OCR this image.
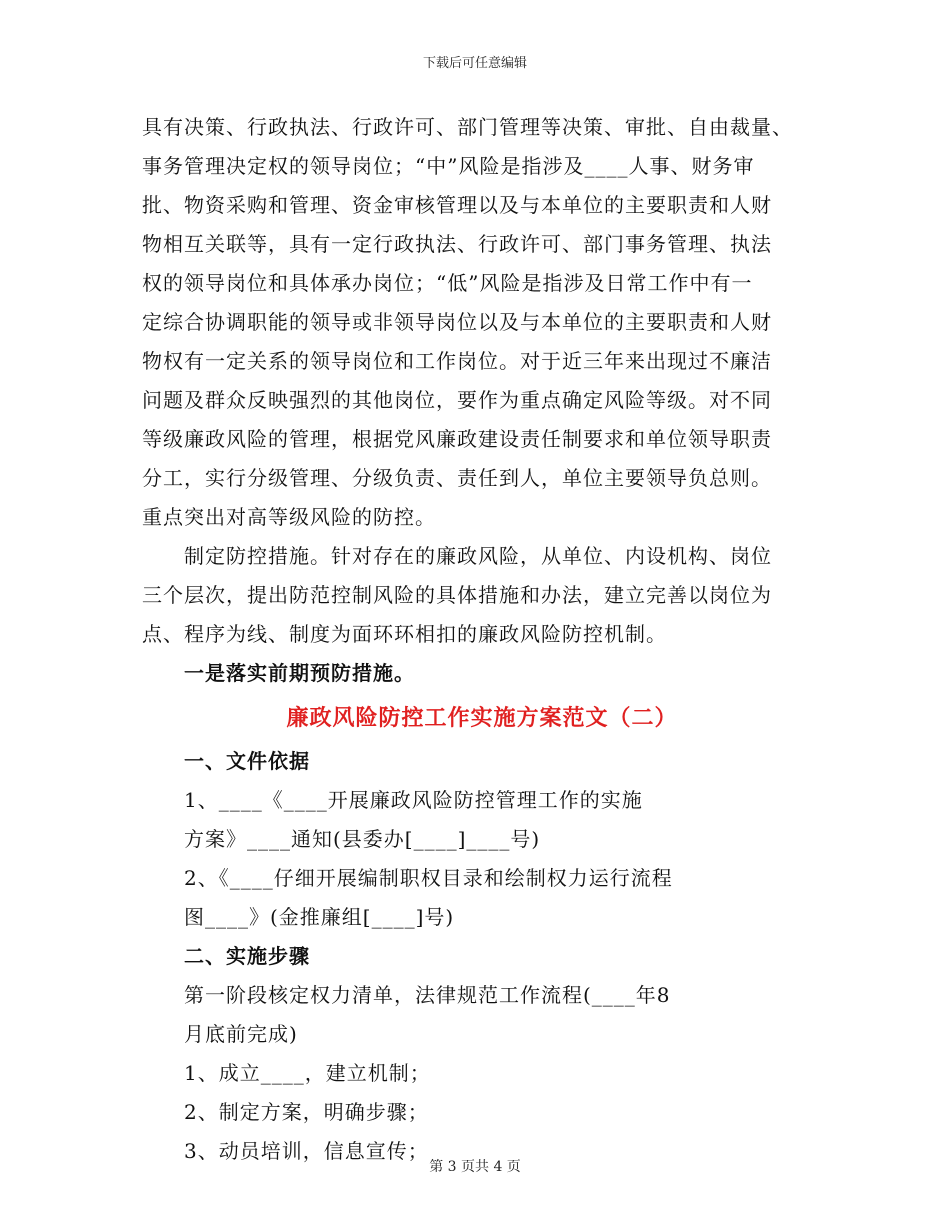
下载后可任意编辑

具有决策、行政执法、行政许可、部门管理等决策、审批、自由裁量、

事务管理决定权的领导岗位；“中”风险是指涉及____人事、财务审

批、物资采购和管理、资金审核管理以及与本单位的主要职责和人财

物相互关联等，具有一定行政执法、行政许可、部门事务管理、执法

权的领导岗位和具体承办岗位；“低”风险是指涉及日常工作中有一

定综合协调职能的领导或非领导岗位以及与本单位的主要职责和人财

物权有一定关系的领导岗位和工作岗位。对于近三年来出现过不廉洁

问题及群众反映强烈的其他岗位，要作为重点确定风险等级。对不同

等级廉政风险的管理，根据党风廉政建设责任制要求和单位领导职责

分工，实行分级管理、分级负责、责任到人，单位主要领导负总则。

重点突出对高等级风险的防控。

制定防控措施。针对存在的廉政风险，从单位、内设机构、岗位

三个层次，提出防范控制风险的具体措施和办法，建立完善以岗位为

点、程序为线、制度为面环环相扣的廉政风险防控机制。

一是落实前期预防措施。

廉政风险防控工作实施方案范文（二）

一、文件依据

1、____《____开展廉政风险防控管理工作的实施

方案》____通知(县委办[____]____号)

2、《____仔细开展编制职权目录和绘制权力运行流程

图____》(金推廉组[____]号)

二、实施步骤

第一阶段核定权力清单，法律规范工作流程(____年8

月底前完成)

1、成立____，建立机制；

2、制定方案，明确步骤；

3、动员培训，信息宣传；

第 3 页共 4 页
